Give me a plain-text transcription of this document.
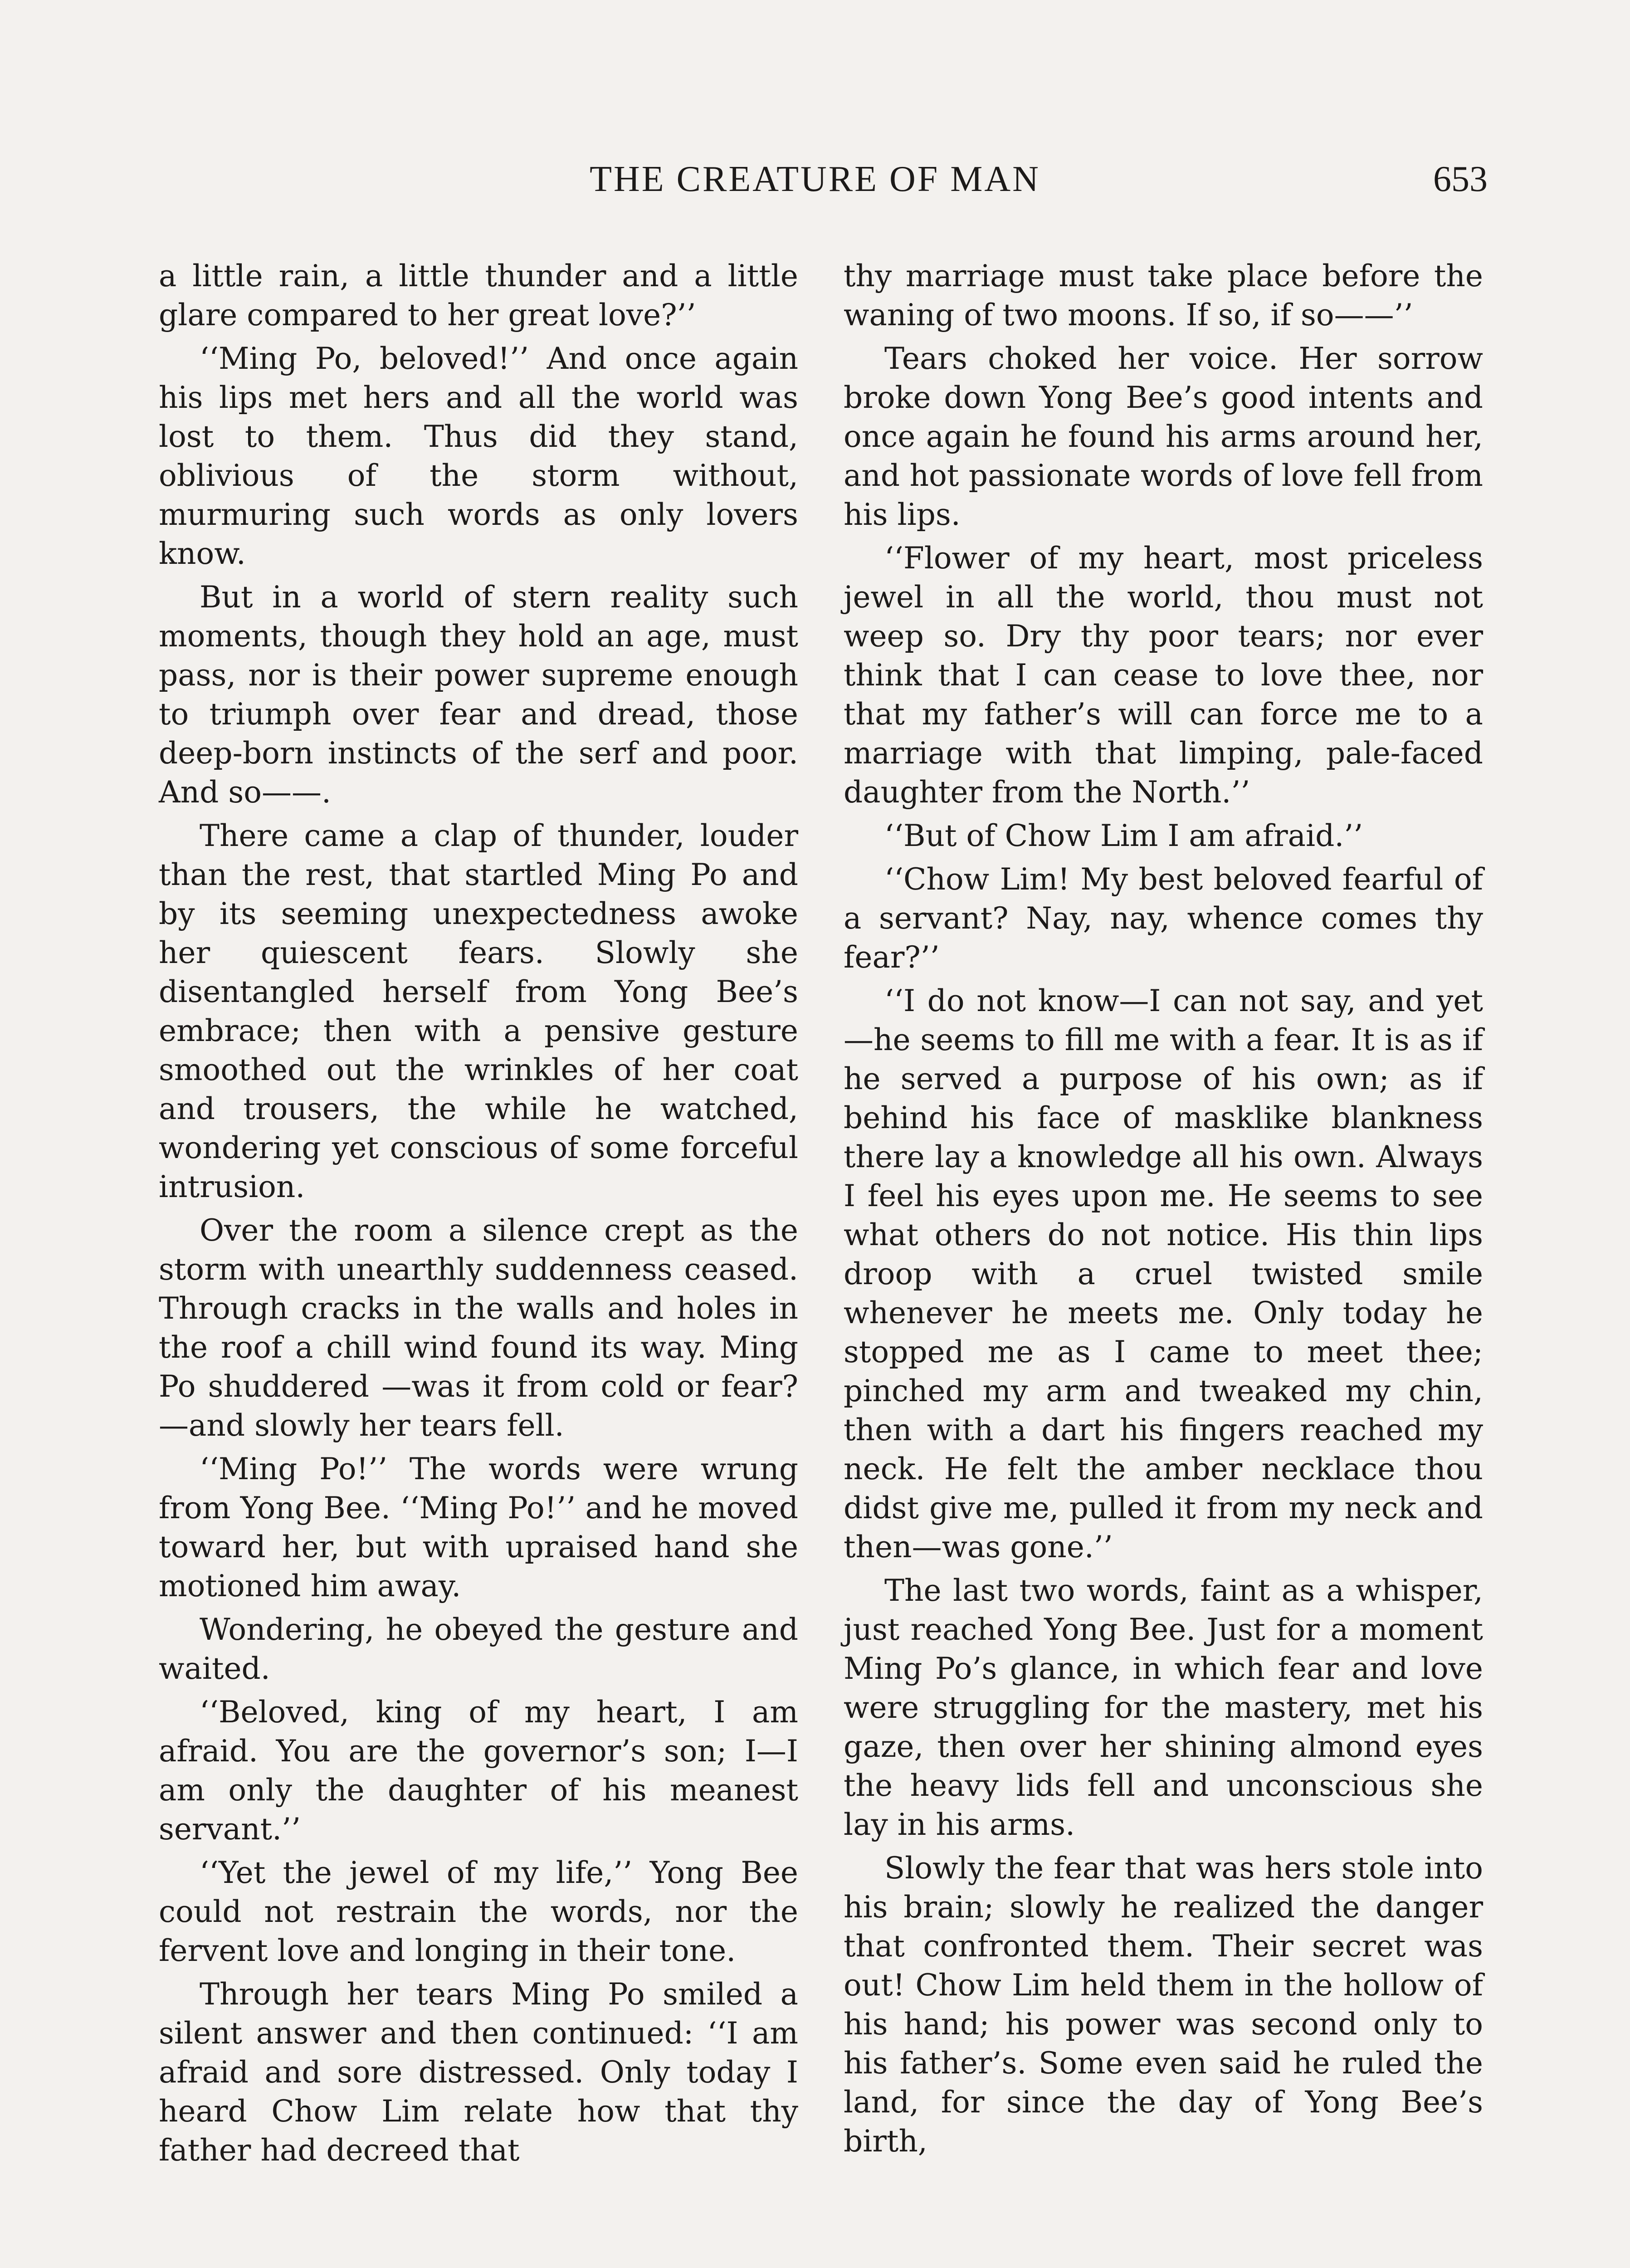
THE CREATURE OF MAN	653

a little rain, a little thunder and a little glare compared to her great love?’’

‘‘Ming Po, beloved!’’ And once again his lips met hers and all the world was lost to them. Thus did they stand, oblivious of the storm without, murmuring such words as only lovers know.

But in a world of stern reality such moments, though they hold an age, must pass, nor is their power supreme enough to triumph over fear and dread, those deep-born instincts of the serf and poor. And so——.

There came a clap of thunder, louder than the rest, that startled Ming Po and by its seeming unexpectedness awoke her quiescent fears. Slowly she disentangled herself from Yong Bee’s embrace; then with a pensive gesture smoothed out the wrinkles of her coat and trousers, the while he watched, wondering yet conscious of some forceful intrusion.

Over the room a silence crept as the storm with unearthly suddenness ceased. Through cracks in the walls and holes in the roof a chill wind found its way. Ming Po shuddered —was it from cold or fear?—and slowly her tears fell.

‘‘Ming Po!’’ The words were wrung from Yong Bee. ‘‘Ming Po!’’ and he moved toward her, but with upraised hand she motioned him away.

Wondering, he obeyed the gesture and waited.

‘‘Beloved, king of my heart, I am afraid. You are the governor’s son; I—I am only the daughter of his meanest servant.’’

‘‘Yet the jewel of my life,’’ Yong Bee could not restrain the words, nor the fervent love and longing in their tone.

Through her tears Ming Po smiled a silent answer and then continued: ‘‘I am afraid and sore distressed. Only today I heard Chow Lim relate how that thy father had decreed that

thy marriage must take place before the waning of two moons. If so, if so——’’

Tears choked her voice. Her sorrow broke down Yong Bee’s good intents and once again he found his arms around her, and hot passionate words of love fell from his lips.

‘‘Flower of my heart, most priceless jewel in all the world, thou must not weep so. Dry thy poor tears; nor ever think that I can cease to love thee, nor that my father’s will can force me to a marriage with that limping, pale-faced daughter from the North.’’

‘‘But of Chow Lim I am afraid.’’

‘‘Chow Lim! My best beloved fearful of a servant? Nay, nay, whence comes thy fear?’’

‘‘I do not know—I can not say, and yet—he seems to fill me with a fear. It is as if he served a purpose of his own; as if behind his face of masklike blankness there lay a knowledge all his own. Always I feel his eyes upon me. He seems to see what others do not notice. His thin lips droop with a cruel twisted smile whenever he meets me. Only today he stopped me as I came to meet thee; pinched my arm and tweaked my chin, then with a dart his fingers reached my neck. He felt the amber necklace thou didst give me, pulled it from my neck and then—was gone.’’

The last two words, faint as a whisper, just reached Yong Bee. Just for a moment Ming Po’s glance, in which fear and love were struggling for the mastery, met his gaze, then over her shining almond eyes the heavy lids fell and unconscious she lay in his arms.

Slowly the fear that was hers stole into his brain; slowly he realized the danger that confronted them. Their secret was out! Chow Lim held them in the hollow of his hand; his power was second only to his father’s. Some even said he ruled the land, for since the day of Yong Bee’s birth,
